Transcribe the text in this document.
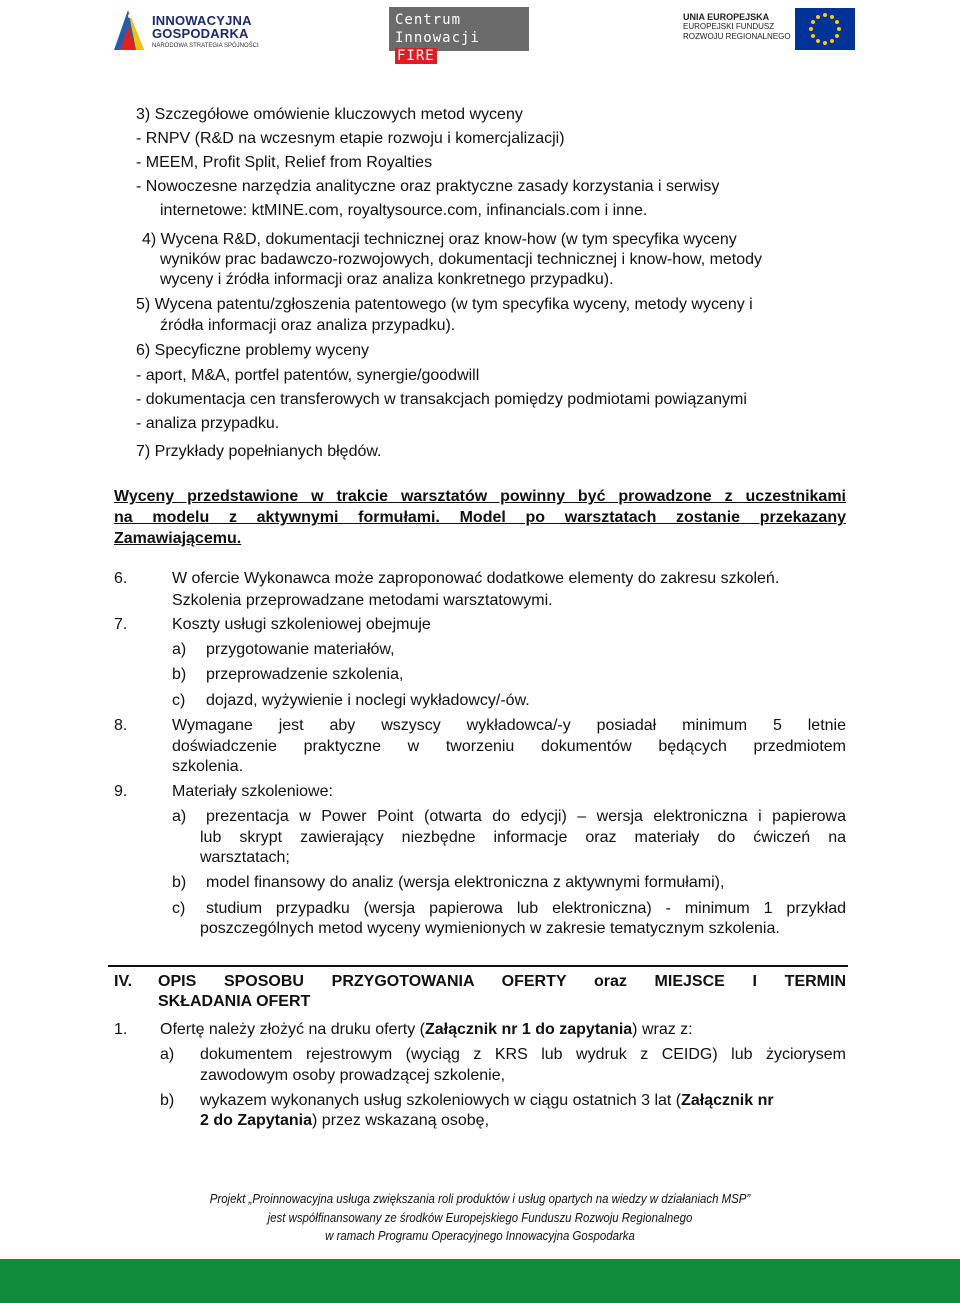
INNOWACYJNA
GOSPODARKA
NARODOWA STRATEGIA SPÓJNOŚCI
Centrum
Innowacji FIRE
UNIA EUROPEJSKA
EUROPEJSKI FUNDUSZ
ROZWOJU REGIONALNEGO
3) Szczegółowe omówienie kluczowych metod wyceny
- RNPV (R&D na wczesnym etapie rozwoju i komercjalizacji)
- MEEM, Profit Split, Relief from Royalties
- Nowoczesne narzędzia analityczne oraz praktyczne zasady korzystania i serwisy
internetowe: ktMINE.com, royaltysource.com, infinancials.com i inne.
4) Wycena R&D, dokumentacji technicznej oraz know-how (w tym specyfika wyceny
wyników prac badawczo-rozwojowych, dokumentacji technicznej i know-how, metody
wyceny i źródła informacji oraz analiza konkretnego przypadku).
5) Wycena patentu/zgłoszenia patentowego (w tym specyfika wyceny, metody wyceny i
źródła informacji oraz analiza przypadku).
6) Specyficzne problemy wyceny
- aport, M&A, portfel patentów, synergie/goodwill
- dokumentacja cen transferowych w transakcjach pomiędzy podmiotami powiązanymi
- analiza przypadku.
7) Przykłady popełnianych błędów.
Wyceny przedstawione w trakcie warsztatów powinny być prowadzone z uczestnikami
na modelu z aktywnymi formułami. Model po warsztatach zostanie przekazany
Zamawiającemu.
6.	W ofercie Wykonawca może zaproponować dodatkowe elementy do zakresu szkoleń.
Szkolenia przeprowadzane metodami warsztatowymi.
7.	Koszty usługi szkoleniowej obejmuje
a) przygotowanie materiałów,
b) przeprowadzenie szkolenia,
c) dojazd, wyżywienie i noclegi wykładowcy/-ów.
8.	Wymagane jest aby wszyscy wykładowca/-y posiadał minimum 5 letnie
doświadczenie praktyczne w tworzeniu dokumentów będących przedmiotem
szkolenia.
9.	Materiały szkoleniowe:
a) prezentacja w Power Point (otwarta do edycji) – wersja elektroniczna i papierowa
lub skrypt zawierający niezbędne informacje oraz materiały do ćwiczeń na
warsztatach;
b) model finansowy do analiz (wersja elektroniczna z aktywnymi formułami),
c) studium przypadku (wersja papierowa lub elektroniczna) - minimum 1 przykład
poszczególnych metod wyceny wymienionych w zakresie tematycznym szkolenia.
IV. OPIS SPOSOBU PRZYGOTOWANIA OFERTY oraz MIEJSCE I TERMIN
SKŁADANIA OFERT
1. Ofertę należy złożyć na druku oferty (Załącznik nr 1 do zapytania) wraz z:
a) dokumentem rejestrowym (wyciąg z KRS lub wydruk z CEIDG) lub życiorysem
zawodowym osoby prowadzącej szkolenie,
b) wykazem wykonanych usług szkoleniowych w ciągu ostatnich 3 lat (Załącznik nr
2 do Zapytania) przez wskazaną osobę,
Projekt „Proinnowacyjna usługa zwiększania roli produktów i usług opartych na wiedzy w działaniach MSP”
jest współfinansowany ze środków Europejskiego Funduszu Rozwoju Regionalnego
w ramach Programu Operacyjnego Innowacyjna Gospodarka
